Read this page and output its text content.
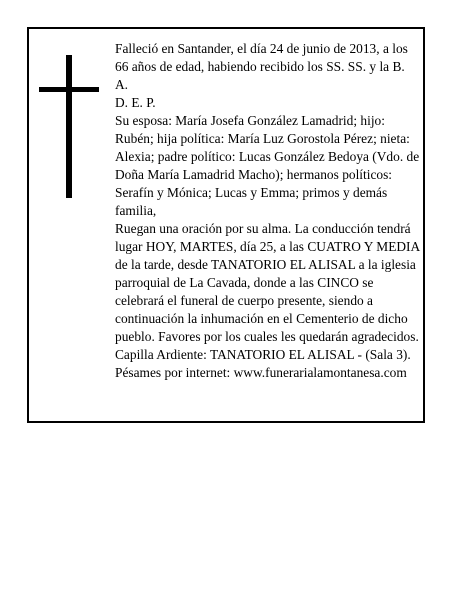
Falleció en Santander, el día 24 de junio de 2013, a los 66 años de edad, habiendo recibido los SS. SS. y la B. A.

D. E. P.

Su esposa: María Josefa González Lamadrid; hijo: Rubén; hija política: María Luz Gorostola Pérez; nieta: Alexia; padre político: Lucas González Bedoya (Vdo. de Doña María Lamadrid Macho); hermanos políticos: Serafín y Mónica; Lucas y Emma; primos y demás familia,

Ruegan una oración por su alma. La conducción tendrá lugar HOY, MARTES, día 25, a las CUATRO Y MEDIA de la tarde, desde TANATORIO EL ALISAL a la iglesia parroquial de La Cavada, donde a las CINCO se celebrará el funeral de cuerpo presente, siendo a continuación la inhumación en el Cementerio de dicho pueblo. Favores por los cuales les quedarán agradecidos. Capilla Ardiente: TANATORIO EL ALISAL - (Sala 3).

Pésames por internet: www.funerarialamontanesa.com
